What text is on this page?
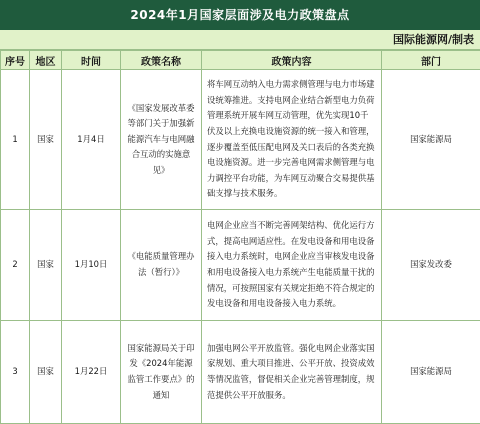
2024年1月国家层面涉及电力政策盘点
国际能源网/制表
序号	地区	时间	政策名称	政策内容	部门
1	国家	1月4日	《国家发展改革委等部门关于加强新能源汽车与电网融合互动的实施意见》	将车网互动纳入电力需求侧管理与电力市场建设统筹推进。支持电网企业结合新型电力负荷管理系统开展车网互动管理，优先实现10千伏及以上充换电设施资源的统一接入和管理，逐步覆盖至低压配电网及关口表后的各类充换电设施资源。进一步完善电网需求侧管理与电力调控平台功能，为车网互动聚合交易提供基础支撑与技术服务。	国家能源局
2	国家	1月10日	《电能质量管理办法（暂行）》	电网企业应当不断完善网架结构、优化运行方式，提高电网适应性。在发电设备和用电设备接入电力系统时，电网企业应当审核发电设备和用电设备接入电力系统产生电能质量干扰的情况，可按照国家有关规定拒绝不符合规定的发电设备和用电设备接入电力系统。	国家发改委
3	国家	1月22日	国家能源局关于印发《2024年能源监管工作要点》的通知	加强电网公平开放监管。强化电网企业落实国家规划、重大项目推进、公平开放、投资成效等情况监管，督促相关企业完善管理制度，规范提供公平开放服务。	国家能源局
